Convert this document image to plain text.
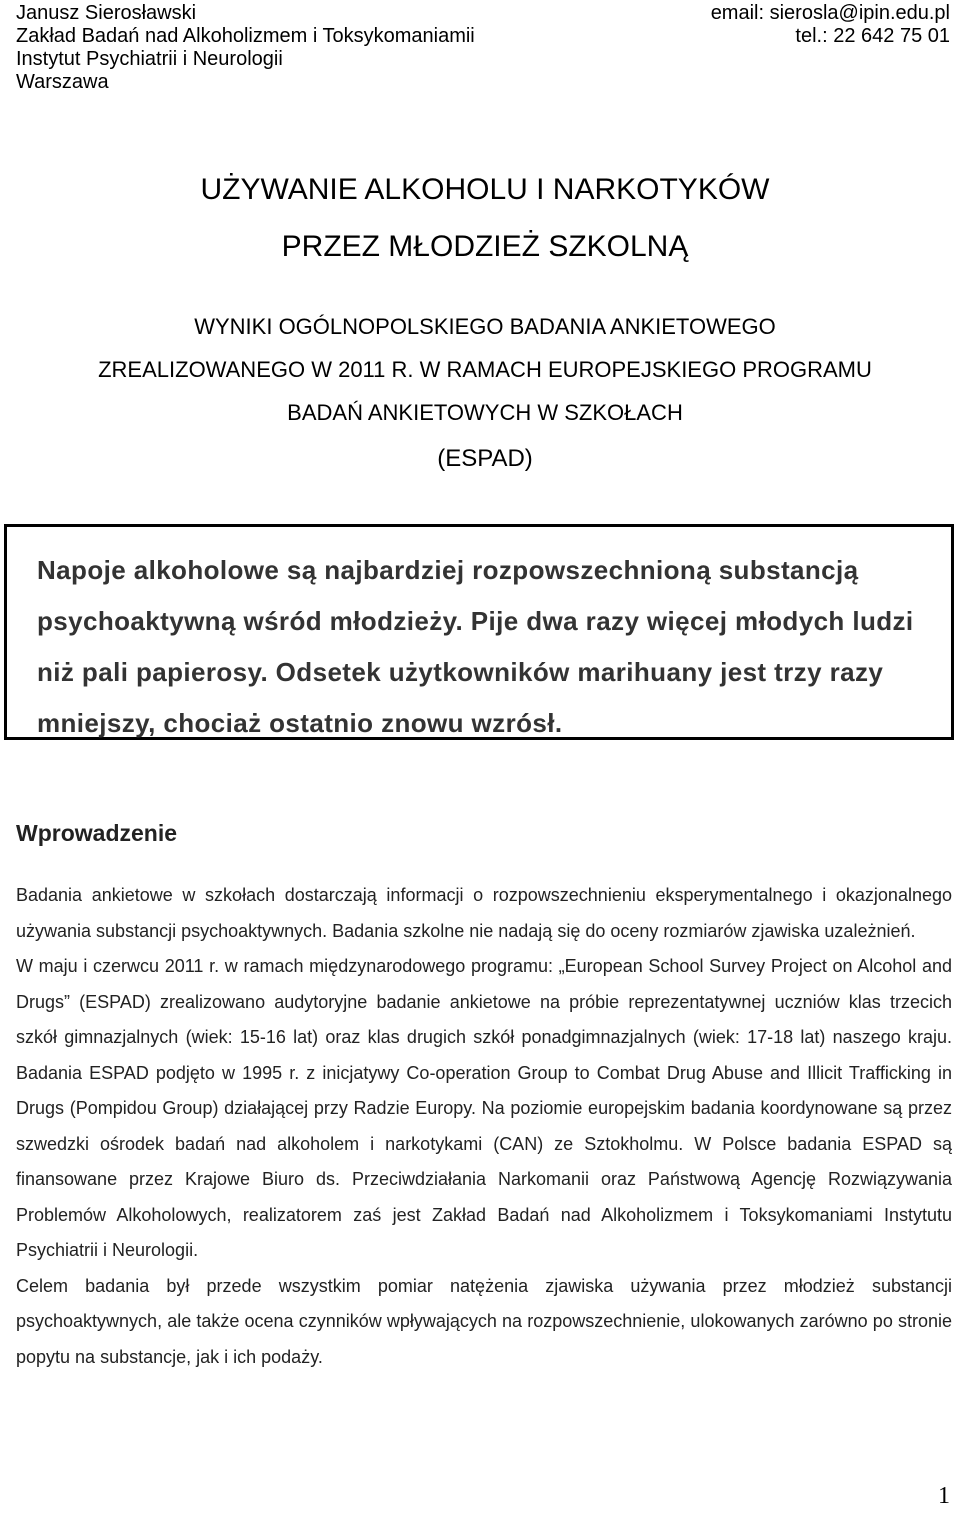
Janusz Sierosławski
Zakład Badań nad Alkoholizmem i Toksykomaniamii
Instytut Psychiatrii i Neurologii
Warszawa
email: sierosla@ipin.edu.pl
tel.: 22 642 75 01
UŻYWANIE ALKOHOLU I NARKOTYKÓW
PRZEZ MŁODZIEŻ SZKOLNĄ
WYNIKI OGÓLNOPOLSKIEGO BADANIA ANKIETOWEGO
ZREALIZOWANEGO W 2011 R. W RAMACH EUROPEJSKIEGO PROGRAMU
BADAŃ ANKIETOWYCH W SZKOŁACH
(ESPAD)

Napoje alkoholowe są najbardziej rozpowszechnioną substancją psychoaktywną wśród młodzieży. Pije dwa razy więcej młodych ludzi niż pali papierosy. Odsetek użytkowników marihuany jest trzy razy mniejszy, chociaż ostatnio znowu wzrósł.

Wprowadzenie

Badania ankietowe w szkołach dostarczają informacji o rozpowszechnieniu eksperymentalnego i okazjonalnego używania substancji psychoaktywnych. Badania szkolne nie nadają się do oceny rozmiarów zjawiska uzależnień.

W maju i czerwcu 2011 r. w ramach międzynarodowego programu: „European School Survey Project on Alcohol and Drugs” (ESPAD) zrealizowano audytoryjne badanie ankietowe na próbie reprezentatywnej uczniów klas trzecich szkół gimnazjalnych (wiek: 15-16 lat) oraz klas drugich szkół ponadgimnazjalnych (wiek: 17-18 lat) naszego kraju. Badania ESPAD podjęto w 1995 r. z inicjatywy Co-operation Group to Combat Drug Abuse and Illicit Trafficking in Drugs (Pompidou Group) działającej przy Radzie Europy. Na poziomie europejskim badania koordynowane są przez szwedzki ośrodek badań nad alkoholem i narkotykami (CAN) ze Sztokholmu. W Polsce badania ESPAD są finansowane przez Krajowe Biuro ds. Przeciwdziałania Narkomanii oraz Państwową Agencję Rozwiązywania Problemów Alkoholowych, realizatorem zaś jest Zakład Badań nad Alkoholizmem i Toksykomaniami Instytutu Psychiatrii i Neurologii.

Celem badania był przede wszystkim pomiar natężenia zjawiska używania przez młodzież substancji psychoaktywnych, ale także ocena czynników wpływających na rozpowszechnienie, ulokowanych zarówno po stronie popytu na substancje, jak i ich podaży.

1
